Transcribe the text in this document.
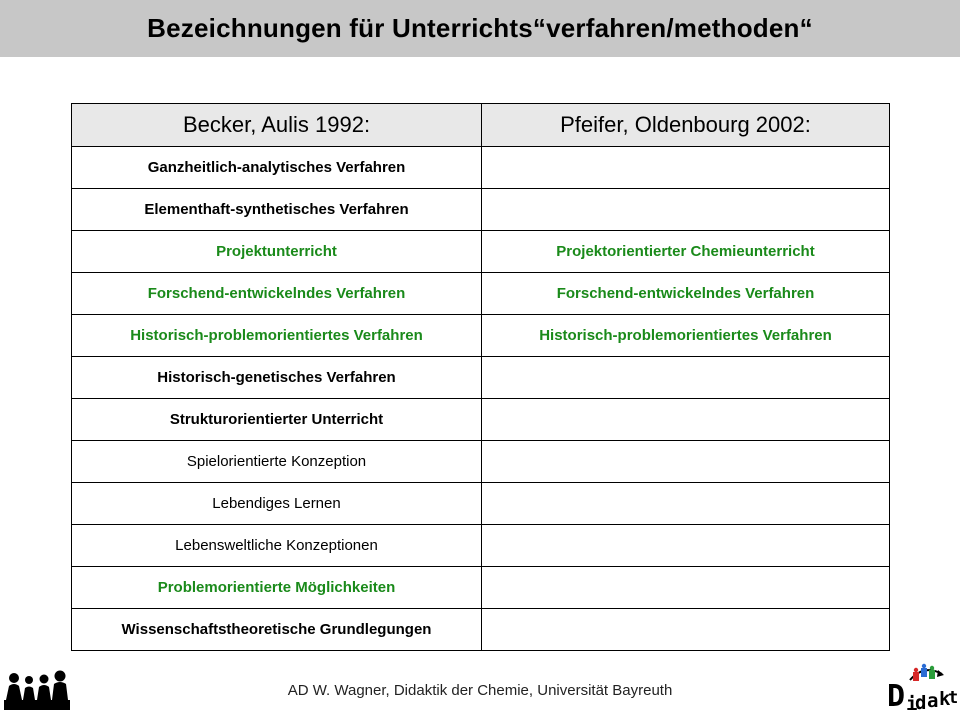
Bezeichnungen für Unterrichts“verfahren/methoden“
Becker, Aulis 1992:	Pfeifer, Oldenbourg 2002:
Ganzheitlich-analytisches Verfahren	
Elementhaft-synthetisches Verfahren	
Projektunterricht	Projektorientierter Chemieunterricht
Forschend-entwickelndes Verfahren	Forschend-entwickelndes Verfahren
Historisch-problemorientiertes Verfahren	Historisch-problemorientiertes Verfahren
Historisch-genetisches Verfahren	
Strukturorientierter Unterricht	
Spielorientierte Konzeption	
Lebendiges Lernen	
Lebensweltliche Konzeptionen	
Problemorientierte Möglichkeiten	
Wissenschaftstheoretische Grundlegungen	
AD W. Wagner, Didaktik der Chemie, Universität Bayreuth	D i
d a k
t
